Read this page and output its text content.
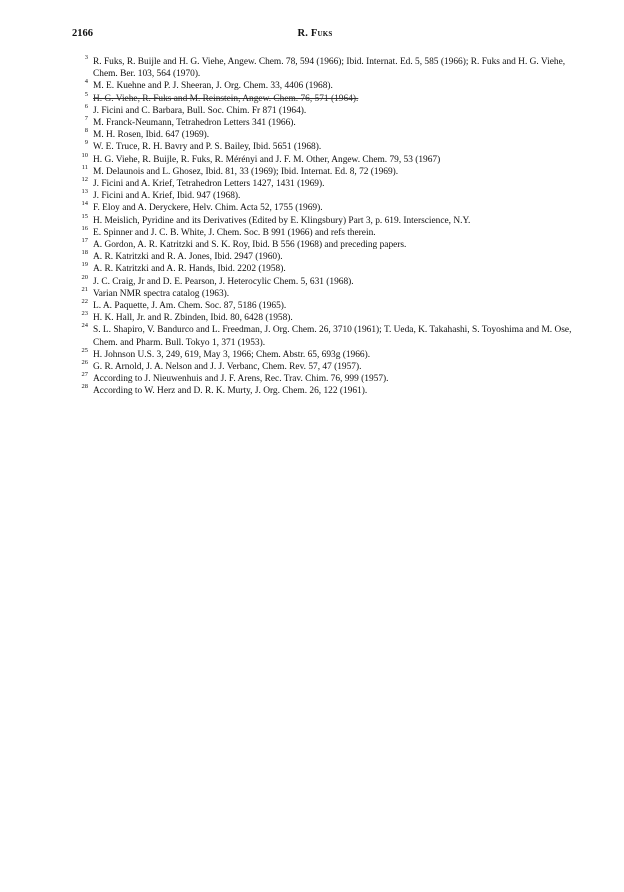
2166	R. Fuks
3 R. Fuks, R. Buijle and H. G. Viehe, Angew. Chem. 78, 594 (1966); Ibid. Internat. Ed. 5, 585 (1966); R. Fuks and H. G. Viehe, Chem. Ber. 103, 564 (1970).
4 M. E. Kuehne and P. J. Sheeran, J. Org. Chem. 33, 4406 (1968).
5 H. G. Viehe, R. Fuks and M. Reinstein, Angew. Chem. 76, 571 (1964).
6 J. Ficini and C. Barbara, Bull. Soc. Chim. Fr 871 (1964).
7 M. Franck-Neumann, Tetrahedron Letters 341 (1966).
8 M. H. Rosen, Ibid. 647 (1969).
9 W. E. Truce, R. H. Bavry and P. S. Bailey, Ibid. 5651 (1968).
10 H. G. Viehe, R. Buijle, R. Fuks, R. Mérényi and J. F. M. Other, Angew. Chem. 79, 53 (1967)
11 M. Delaunois and L. Ghosez, Ibid. 81, 33 (1969); Ibid. Internat. Ed. 8, 72 (1969).
12 J. Ficini and A. Krief, Tetrahedron Letters 1427, 1431 (1969).
13 J. Ficini and A. Krief, Ibid. 947 (1968).
14 F. Eloy and A. Deryckere, Helv. Chim. Acta 52, 1755 (1969).
15 H. Meislich, Pyridine and its Derivatives (Edited by E. Klingsbury) Part 3, p. 619. Interscience, N.Y.
16 E. Spinner and J. C. B. White, J. Chem. Soc. B 991 (1966) and refs therein.
17 A. Gordon, A. R. Katritzki and S. K. Roy, Ibid. B 556 (1968) and preceding papers.
18 A. R. Katritzki and R. A. Jones, Ibid. 2947 (1960).
19 A. R. Katritzki and A. R. Hands, Ibid. 2202 (1958).
20 J. C. Craig, Jr and D. E. Pearson, J. Heterocylic Chem. 5, 631 (1968).
21 Varian NMR spectra catalog (1963).
22 L. A. Paquette, J. Am. Chem. Soc. 87, 5186 (1965).
23 H. K. Hall, Jr. and R. Zbinden, Ibid. 80, 6428 (1958).
24 S. L. Shapiro, V. Bandurco and L. Freedman, J. Org. Chem. 26, 3710 (1961); T. Ueda, K. Takahashi, S. Toyoshima and M. Ose, Chem. and Pharm. Bull. Tokyo 1, 371 (1953).
25 H. Johnson U.S. 3, 249, 619, May 3, 1966; Chem. Abstr. 65, 693g (1966).
26 G. R. Arnold, J. A. Nelson and J. J. Verbanc, Chem. Rev. 57, 47 (1957).
27 According to J. Nieuwenhuis and J. F. Arens, Rec. Trav. Chim. 76, 999 (1957).
28 According to W. Herz and D. R. K. Murty, J. Org. Chem. 26, 122 (1961).
